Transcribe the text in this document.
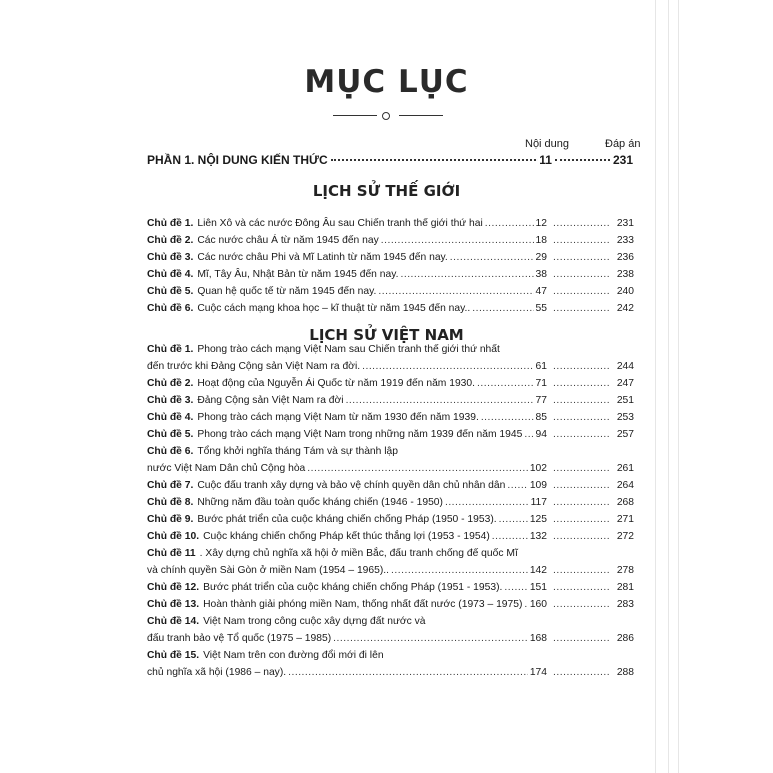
MỤC LỤC
Nội dung	Đáp án
PHẦN 1. NỘI DUNG KIẾN THỨC	11	231
LỊCH SỬ THẾ GIỚI
Chủ đề 1. Liên Xô và các nước Đông Âu sau Chiến tranh thế giới thứ hai .....	12 .....	231
Chủ đề 2. Các nước châu Á từ năm 1945 đến nay .....	18 .....	233
Chủ đề 3. Các nước châu Phi và Mĩ Latinh từ năm 1945 đến nay. .....	29 .....	236
Chủ đề 4. Mĩ, Tây Âu, Nhật Bản từ năm 1945 đến nay. .....	38 .....	238
Chủ đề 5. Quan hệ quốc tế từ năm 1945 đến nay. .....	47 .....	240
Chủ đề 6. Cuộc cách mạng khoa học – kĩ thuật từ năm 1945 đến nay.. .....	55 .....	242
Chủ đề 1. Phong trào cách mạng Việt Nam sau Chiến tranh thế giới thứ nhất
đến trước khi Đảng Cộng sản Việt Nam ra đời. .....	61 .....	244
Chủ đề 2. Hoạt động của Nguyễn Ái Quốc từ năm 1919 đến năm 1930. .....	71 .....	247
Chủ đề 3. Đảng Cộng sản Việt Nam ra đời .....	77 .....	251
Chủ đề 4. Phong trào cách mạng Việt Nam từ năm 1930 đến năm 1939. .....	85 .....	253
Chủ đề 5. Phong trào cách mạng Việt Nam trong những năm 1939 đến năm 1945 ..... 94 .....	257
Chủ đề 6. Tổng khởi nghĩa tháng Tám và sự thành lập
nước Việt Nam Dân chủ Cộng hòa .....	102 .....	261
Chủ đề 7. Cuộc đấu tranh xây dựng và bảo vệ chính quyền dân chủ nhân dân ..... 109 .....	264
Chủ đề 8. Những năm đầu toàn quốc kháng chiến (1946 - 1950) .....	117 .....	268
Chủ đề 9. Bước phát triển của cuộc kháng chiến chống Pháp (1950 - 1953). .....	125 .....	271
Chủ đề 10. Cuộc kháng chiến chống Pháp kết thúc thắng lợi (1953 - 1954) .....	132 .....	272
Chủ đề 11 . Xây dựng chủ nghĩa xã hội ở miền Bắc, đấu tranh chống đế quốc Mĩ
và chính quyền Sài Gòn ở miền Nam (1954 – 1965).. .....	142 .....	278
Chủ đề 12. Bước phát triển của cuộc kháng chiến chống Pháp (1951 - 1953). .....	151 .....	281
Chủ đề 13. Hoàn thành giải phóng miền Nam, thống nhất đất nước (1973 – 1975) ..... 160 .....	283
Chủ đề 14. Việt Nam trong công cuộc xây dựng đất nước và
đấu tranh bảo vệ Tổ quốc (1975 – 1985) .....	168 .....	286
Chủ đề 15. Việt Nam trên con đường đổi mới đi lên
chủ nghĩa xã hội (1986 – nay). .....	174 .....	288
LỊCH SỬ VIỆT NAM
